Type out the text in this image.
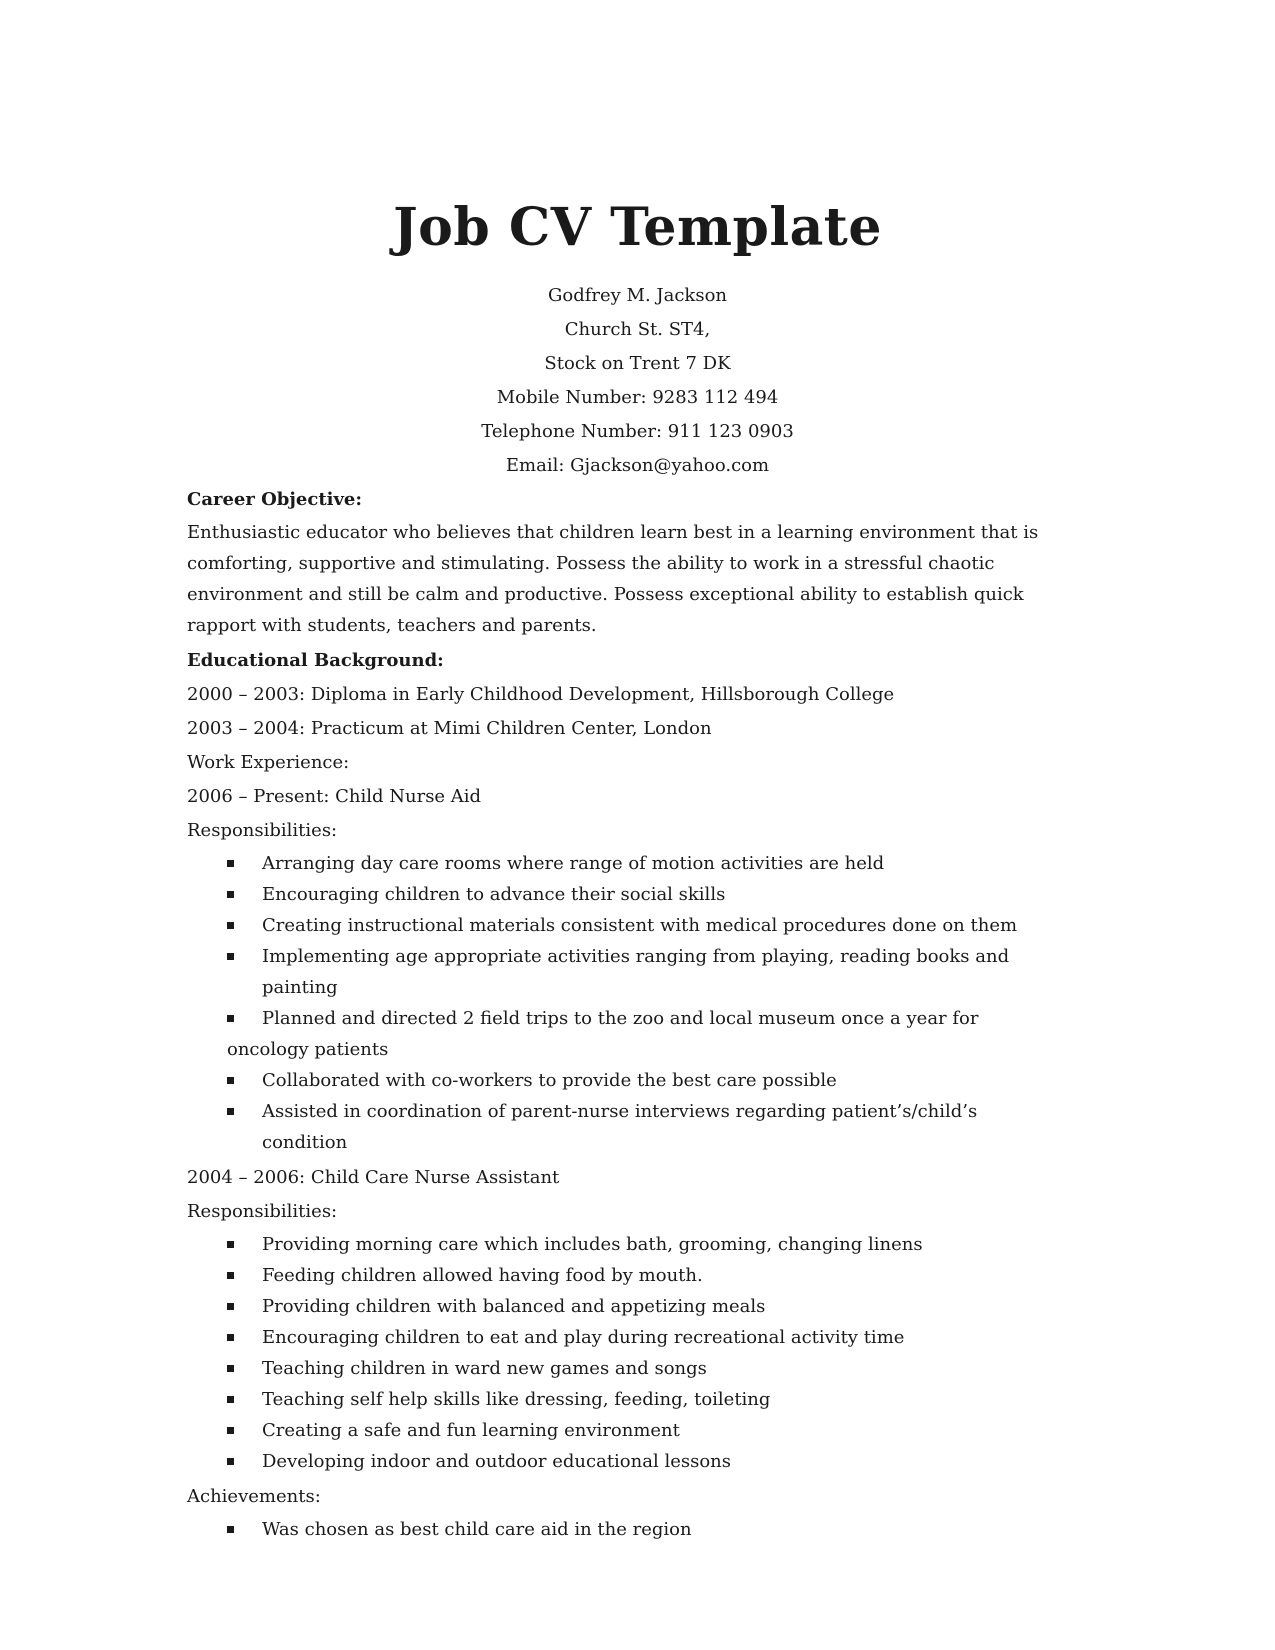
Job CV Template
Godfrey M. Jackson
Church St. ST4,
Stock on Trent 7 DK
Mobile Number: 9283 112 494
Telephone Number: 911 123 0903
Email: Gjackson@yahoo.com

Career Objective:

Enthusiastic educator who believes that children learn best in a learning environment that is comforting, supportive and stimulating. Possess the ability to work in a stressful chaotic environment and still be calm and productive. Possess exceptional ability to establish quick rapport with students, teachers and parents.

Educational Background:

2000 – 2003: Diploma in Early Childhood Development, Hillsborough College

2003 – 2004: Practicum at Mimi Children Center, London

Work Experience:

2006 – Present: Child Nurse Aid

Responsibilities:

Arranging day care rooms where range of motion activities are held
Encouraging children to advance their social skills
Creating instructional materials consistent with medical procedures done on them
Implementing age appropriate activities ranging from playing, reading books and painting
Planned and directed 2 field trips to the zoo and local museum once a year for oncology patients
Collaborated with co-workers to provide the best care possible
Assisted in coordination of parent-nurse interviews regarding patient’s/child’s condition

2004 – 2006: Child Care Nurse Assistant

Responsibilities:

Providing morning care which includes bath, grooming, changing linens
Feeding children allowed having food by mouth.
Providing children with balanced and appetizing meals
Encouraging children to eat and play during recreational activity time
Teaching children in ward new games and songs
Teaching self help skills like dressing, feeding, toileting
Creating a safe and fun learning environment
Developing indoor and outdoor educational lessons

Achievements:

Was chosen as best child care aid in the region
